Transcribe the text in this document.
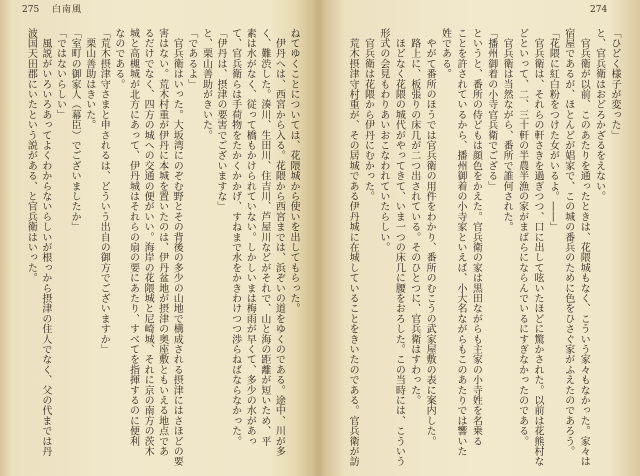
275 白南風	274
ねてゆくことについては、花隈城から使いを出してもらった。
　伊丹へは、西宮から入る。花隈から西宮までは、浜ぞいの道をゆくのである。途中、川が多
く、難渋した。湊川、生田川、住吉川、芦屋川などがそれで、山と海の距離が短いため、平
素は水がなく、従って橋もかけられていない。しかしいまは梅雨が早くて、多少の水があっ
て、官兵衛らは手荷物をたかくかかげ、すねまで水をかきわけつつ渉らねばならなかった。
「伊丹は、摂津の要害でございますな」
と、栗山善助がきいた。
「であるよ」
　官兵衛はいった。大坂湾にのぞむ野とその背後の多少の山地で構成される摂津にはさほどの要
害はない。荒木村重が伊丹に本城を置いたのは、伊丹盆地が摂津の奥座敷ともいえる地点であ
るだけでなく、四方の城への交通の便がいい。海岸の花隈城と尼崎城、それに京の南方の茨木
城と高槻城が北方にあって、伊丹城はそれらの扇の要にあたり、すべてを指揮するのに便利
なのである。
「荒木摂津守さまと申されるは、どういう出自の御方でございますか」
　栗山善助はきいた。
「室町の御家人（幕臣）でございましたか」
「ではないらしい」
　風説がいろいろあってよくわからないらしいが根っから摂津の住人でなく、父の代までは丹
波国天田郡にいたという説がある、と官兵衛はいった。	「ひどく様子が変った」
と、官兵衛はおどろかざるをえない。
　官兵衛が以前、このあたりを通ったときは、花隈城もなく、こういう家々もなかった。家々は
宿屋であるが、ほとんどが娼家で、この城の番兵のために色をひさぐ家がふえたのであろう。
「花隈に紅白粉をつけた女がいるよ。――」
　官兵衛は、それらの軒さきを過ぎつつ、口に出して呟いたほどに驚かされた。以前は花熊村な
どといって、二、三十軒の半農半漁の家がまばらにならんでいるにすぎなかったのである。
　官兵衛は当然ながら、番所で誰何された。
「播州御着の小寺官兵衛でござる」
というと、番所の侍どもは顔色をかえた。官兵衛の家は黒田ながらも主家の小寺姓を名乗る
ことを許されているから、播州御着の小寺家といえば、小大名ながらもこのあたりでは響いた
姓である。
　やがて番所のほうでは官兵衛の用件をわかり、番所のむこうの武家屋敷の表に案内した。
　路上に、板張りの床几が二つ出されている。そのひとつに、官兵衛はすわった。
　ほどなく花隈の城代がやってきて、いま一つの床几に腰をおろした。この当時には、こういう
形式の会見もわりあいおこなわれていたらしい。
　官兵衛は花隈から伊丹にむかった。
　荒木摂津守村重が、その居城である伊丹城に在城していることをきいたのである。官兵衛が訪
